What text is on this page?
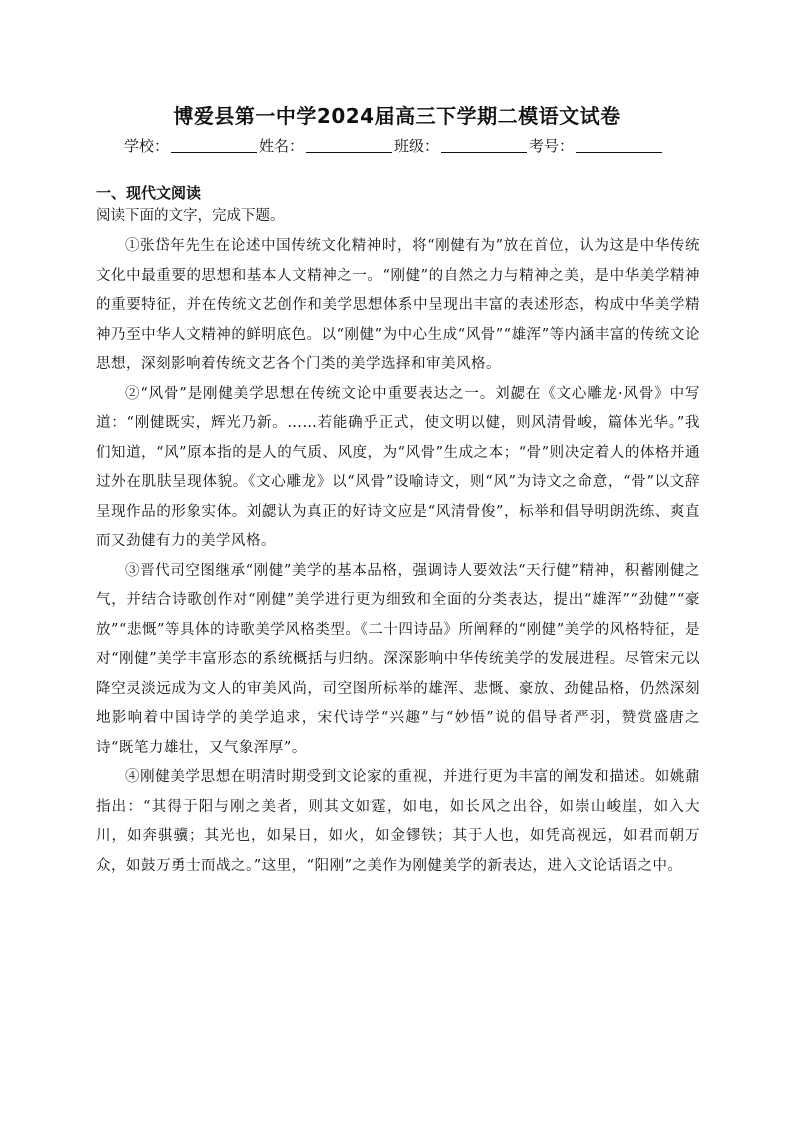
博爱县第一中学2024届高三下学期二模语文试卷
学校：	姓名：	班级：	考号：
一、现代文阅读
阅读下面的文字，完成下题。

①张岱年先生在论述中国传统文化精神时，将“刚健有为”放在首位，认为这是中华传统文化中最重要的思想和基本人文精神之一。“刚健”的自然之力与精神之美，是中华美学精神的重要特征，并在传统文艺创作和美学思想体系中呈现出丰富的表述形态，构成中华美学精神乃至中华人文精神的鲜明底色。以“刚健”为中心生成“风骨”“雄浑”等内涵丰富的传统文论思想，深刻影响着传统文艺各个门类的美学选择和审美风格。

②“风骨”是刚健美学思想在传统文论中重要表达之一。刘勰在《文心雕龙·风骨》中写道：“刚健既实，辉光乃新。……若能确乎正式，使文明以健，则风清骨峻，篇体光华。”我们知道，“风”原本指的是人的气质、风度，为“风骨”生成之本；“骨”则决定着人的体格并通过外在肌肤呈现体貌。《文心雕龙》以“风骨”设喻诗文，则“风”为诗文之命意，“骨”以文辞呈现作品的形象实体。刘勰认为真正的好诗文应是“风清骨俊”，标举和倡导明朗洗练、爽直而又劲健有力的美学风格。

③晋代司空图继承“刚健”美学的基本品格，强调诗人要效法“天行健”精神，积蓄刚健之气，并结合诗歌创作对“刚健”美学进行更为细致和全面的分类表达，提出“雄浑”“劲健”“豪放”“悲慨”等具体的诗歌美学风格类型。《二十四诗品》所阐释的“刚健”美学的风格特征，是对“刚健”美学丰富形态的系统概括与归纳。深深影响中华传统美学的发展进程。尽管宋元以降空灵淡远成为文人的审美风尚，司空图所标举的雄浑、悲慨、豪放、劲健品格，仍然深刻地影响着中国诗学的美学追求，宋代诗学“兴趣”与“妙悟”说的倡导者严羽，赞赏盛唐之诗“既笔力雄壮，又气象浑厚”。

④刚健美学思想在明清时期受到文论家的重视，并进行更为丰富的阐发和描述。如姚鼐指出：“其得于阳与刚之美者，则其文如霆，如电，如长风之出谷，如崇山峻崖，如入大川，如奔骐骥；其光也，如杲日，如火，如金镠铁；其于人也，如凭高视远，如君而朝万众，如鼓万勇士而战之。”这里，“阳刚”之美作为刚健美学的新表达，进入文论话语之中。
